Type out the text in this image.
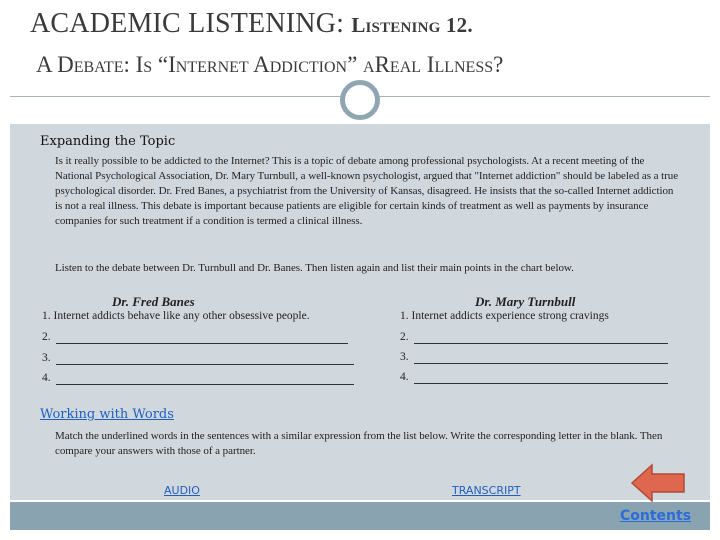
ACADEMIC LISTENING: Listening 12.
A Debate: Is “Internet Addiction” aReal Illness?
Expanding the Topic
Is it really possible to be addicted to the Internet? This is a topic of debate among professional psychologists. At a recent meeting of the National Psychological Association, Dr. Mary Turnbull, a well-known psychologist, argued that "Internet addiction" should be labeled as a true psychological disorder. Dr. Fred Banes, a psychiatrist from the University of Kansas, disagreed. He insists that the so-called Internet addiction is not a real illness. This debate is important because patients are eligible for certain kinds of treatment as well as payments by insurance companies for such treatment if a condition is termed a clinical illness.
Listen to the debate between Dr. Turnbull and Dr. Banes. Then listen again and list their main points in the chart below.
Dr. Fred Banes	Dr. Mary Turnbull
1. Internet addicts behave like any other obsessive people.
2.
3.
4.
1. Internet addicts experience strong cravings
2.
3.
4.
Working with Words
Match the underlined words in the sentences with a similar expression from the list below. Write the corresponding letter in the blank. Then compare your answers with those of a partner.
AUDIO	TRANSCRIPT
Contents
